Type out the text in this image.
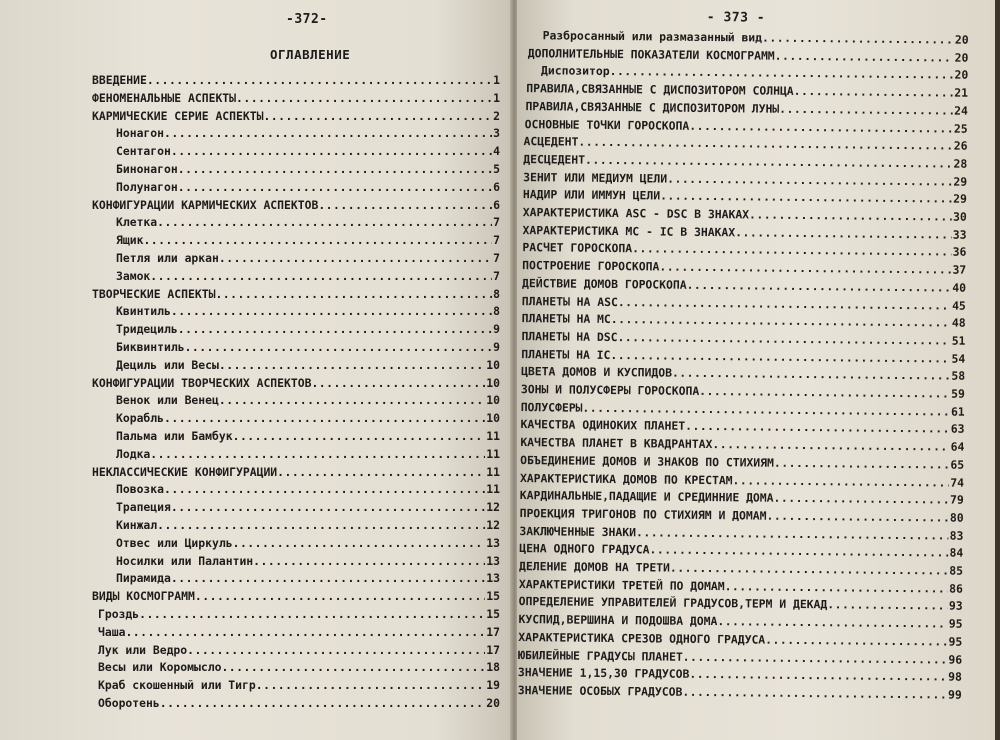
-372-
ОГЛАВЛЕНИЕ
ВВЕДЕНИЕ .....	1
ФЕНОМЕНАЛЬНЫЕ АСПЕКТЫ .....	1
КАРМИЧЕСКИЕ СЕРИЕ АСПЕКТЫ .....	2
Нонагон .....	3
Сентагон .....	4
Бинонагон .....	5
Полунагон .....	6
КОНФИГУРАЦИИ КАРМИЧЕСКИХ АСПЕКТОВ .....	6
Клетка .....	7
Ящик .....	7
Петля или аркан .....	7
Замок .....	7
ТВОРЧЕСКИЕ АСПЕКТЫ .....	8
Квинтиль .....	8
Тридециль .....	9
Биквинтиль .....	9
Дециль или Весы .....	10
КОНФИГУРАЦИИ ТВОРЧЕСКИХ АСПЕКТОВ .....	10
Венок или Венец .....	10
Корабль .....	10
Пальма или Бамбук .....	11
Лодка .....	11
НЕКЛАССИЧЕСКИЕ КОНФИГУРАЦИИ .....	11
Повозка .....	11
Трапеция .....	12
Кинжал .....	12
Отвес или Циркуль .....	13
Носилки или Палантин .....	13
Пирамида .....	13
ВИДЫ КОСМОГРАММ .....	15
Гроздь .....	15
Чаша .....	17
Лук или Ведро .....	17
Весы или Коромысло .....	18
Краб скошенный или Тигр .....	19
Оборотень .....	20
- 373 -
Разбросанный или размазанный вид .....	20
ДОПОЛНИТЕЛЬНЫЕ ПОКАЗАТЕЛИ КОСМОГРАММ .....	20
Диспозитор .....	20
ПРАВИЛА,СВЯЗАННЫЕ С ДИСПОЗИТОРОМ СОЛНЦА .....	21
ПРАВИЛА,СВЯЗАННЫЕ С ДИСПОЗИТОРОМ ЛУНЫ .....	24
ОСНОВНЫЕ ТОЧКИ ГОРОСКОПА .....	25
АСЦЕДЕНТ .....	26
ДЕСЦЕДЕНТ .....	28
ЗЕНИТ ИЛИ МЕДИУМ ЦЕЛИ .....	29
НАДИР ИЛИ ИММУН ЦЕЛИ .....	29
ХАРАКТЕРИСТИКА ASC - DSC В ЗНАКАХ .....	30
ХАРАКТЕРИСТИКА МС - IC В ЗНАКАХ .....	33
РАСЧЕТ ГОРОСКОПА .....	36
ПОСТРОЕНИЕ ГОРОСКОПА .....	37
ДЕЙСТВИЕ ДОМОВ ГОРОСКОПА .....	40
ПЛАНЕТЫ НА ASC .....	45
ПЛАНЕТЫ НА МС .....	48
ПЛАНЕТЫ НА DSC .....	51
ПЛАНЕТЫ НА IC .....	54
ЦВЕТА ДОМОВ И КУСПИДОВ .....	58
ЗОНЫ И ПОЛУСФЕРЫ ГОРОСКОПА .....	59
ПОЛУСФЕРЫ .....	61
КАЧЕСТВА ОДИНОКИХ ПЛАНЕТ .....	63
КАЧЕСТВА ПЛАНЕТ В КВАДРАНТАХ .....	64
ОБЪЕДИНЕНИЕ ДОМОВ И ЗНАКОВ ПО СТИХИЯМ .....	65
ХАРАКТЕРИСТИКА ДОМОВ ПО КРЕСТАМ .....	74
КАРДИНАЛЬНЫЕ,ПАДАЩИЕ И СРЕДИННИЕ ДОМА .....	79
ПРОЕКЦИЯ ТРИГОНОВ ПО СТИХИЯМ И ДОМАМ .....	80
ЗАКЛЮЧЕННЫЕ ЗНАКИ .....	83
ЦЕНА ОДНОГО ГРАДУСА .....	84
ДЕЛЕНИЕ ДОМОВ НА ТРЕТИ .....	85
ХАРАКТЕРИСТИКИ ТРЕТЕЙ ПО ДОМАМ .....	86
ОПРЕДЕЛЕНИЕ УПРАВИТЕЛЕЙ ГРАДУСОВ,ТЕРМ И ДЕКАД .....	93
КУСПИД,ВЕРШИНА И ПОДОШВА ДОМА .....	95
ХАРАКТЕРИСТИКА СРЕЗОВ ОДНОГО ГРАДУСА .....	95
ЮБИЛЕЙНЫЕ ГРАДУСЫ ПЛАНЕТ .....	96
ЗНАЧЕНИЕ 1,15,30 ГРАДУСОВ .....	98
ЗНАЧЕНИЕ ОСОБЫХ ГРАДУСОВ .....	99
